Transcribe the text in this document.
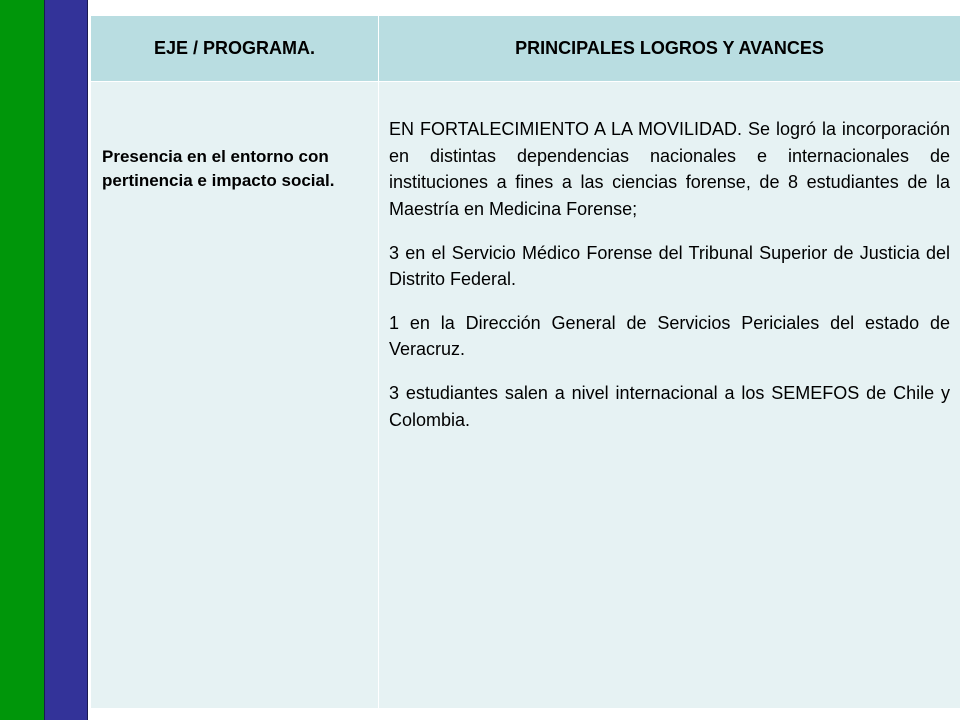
EJE / PROGRAMA.	PRINCIPALES LOGROS Y AVANCES
Presencia en el entorno con pertinencia e impacto social.	EN FORTALECIMIENTO A LA MOVILIDAD. Se logró la incorporación en distintas dependencias nacionales e internacionales de instituciones a fines a las ciencias forense, de 8 estudiantes de la Maestría en Medicina Forense;

3 en el Servicio Médico Forense del Tribunal Superior de Justicia del Distrito Federal.

1 en la Dirección General de Servicios Periciales del estado de Veracruz.

3 estudiantes salen a nivel internacional a los SEMEFOS de Chile y Colombia.
